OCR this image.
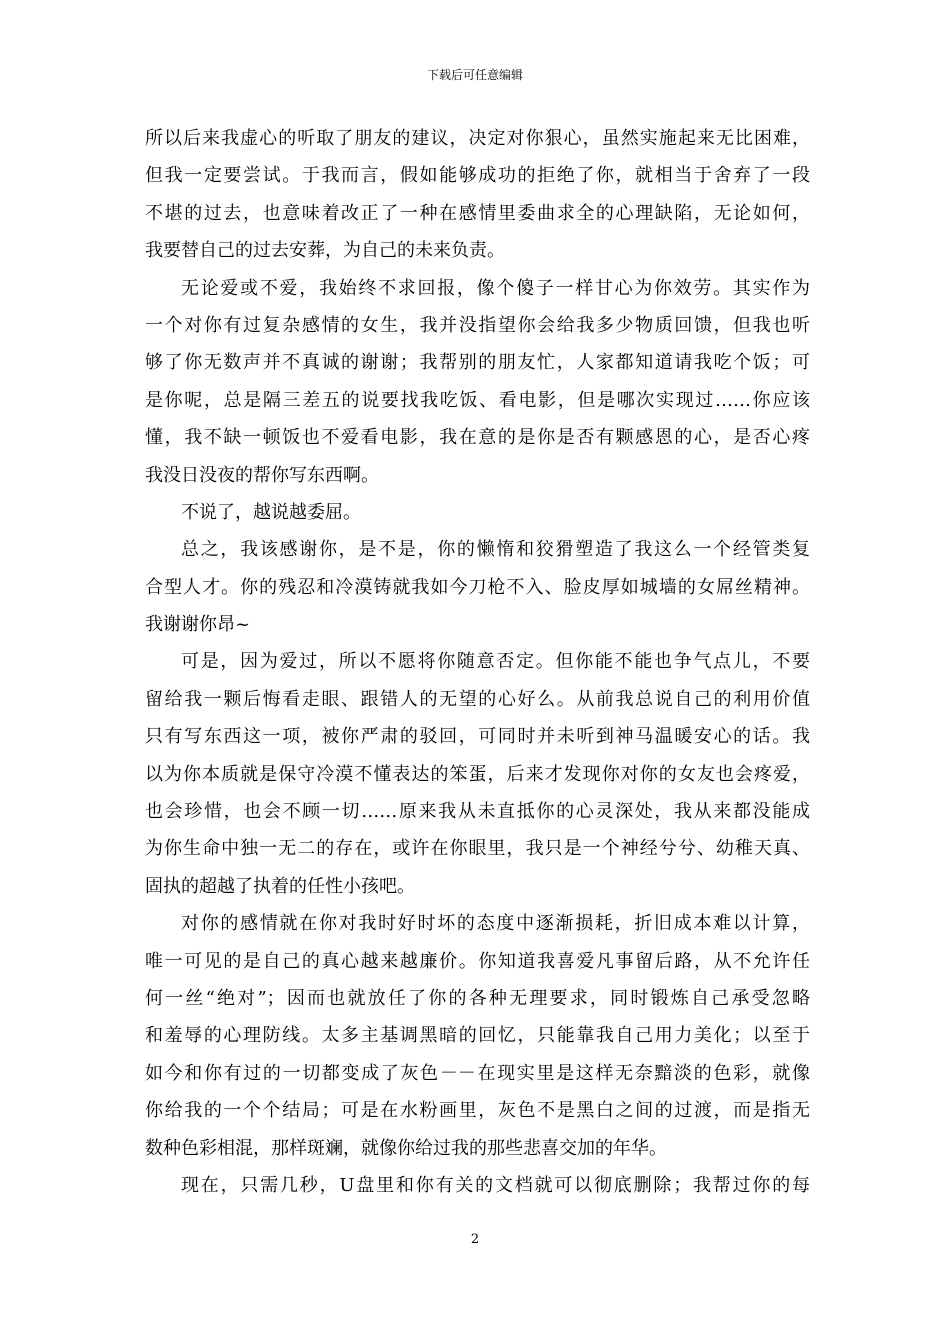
下载后可任意编辑
所以后来我虚心的听取了朋友的建议，决定对你狠心，虽然实施起来无比困难，
但我一定要尝试。于我而言，假如能够成功的拒绝了你，就相当于舍弃了一段
不堪的过去，也意味着改正了一种在感情里委曲求全的心理缺陷，无论如何，
我要替自己的过去安葬，为自己的未来负责。
无论爱或不爱，我始终不求回报，像个傻子一样甘心为你效劳。其实作为
一个对你有过复杂感情的女生，我并没指望你会给我多少物质回馈，但我也听
够了你无数声并不真诚的谢谢；我帮别的朋友忙，人家都知道请我吃个饭；可
是你呢，总是隔三差五的说要找我吃饭、看电影，但是哪次实现过……你应该
懂，我不缺一顿饭也不爱看电影，我在意的是你是否有颗感恩的心，是否心疼
我没日没夜的帮你写东西啊。
不说了，越说越委屈。
总之，我该感谢你，是不是，你的懒惰和狡猾塑造了我这么一个经管类复
合型人才。你的残忍和冷漠铸就我如今刀枪不入、脸皮厚如城墙的女屌丝精神。
我谢谢你昂~
可是，因为爱过，所以不愿将你随意否定。但你能不能也争气点儿，不要
留给我一颗后悔看走眼、跟错人的无望的心好么。从前我总说自己的利用价值
只有写东西这一项，被你严肃的驳回，可同时并未听到神马温暖安心的话。我
以为你本质就是保守冷漠不懂表达的笨蛋，后来才发现你对你的女友也会疼爱，
也会珍惜，也会不顾一切……原来我从未直抵你的心灵深处，我从来都没能成
为你生命中独一无二的存在，或许在你眼里，我只是一个神经兮兮、幼稚天真、
固执的超越了执着的任性小孩吧。
对你的感情就在你对我时好时坏的态度中逐渐损耗，折旧成本难以计算，
唯一可见的是自己的真心越来越廉价。你知道我喜爱凡事留后路，从不允许任
何一丝“绝对”；因而也就放任了你的各种无理要求，同时锻炼自己承受忽略
和羞辱的心理防线。太多主基调黑暗的回忆，只能靠我自己用力美化；以至于
如今和你有过的一切都变成了灰色－－在现实里是这样无奈黯淡的色彩，就像
你给我的一个个结局；可是在水粉画里，灰色不是黑白之间的过渡，而是指无
数种色彩相混，那样斑斓，就像你给过我的那些悲喜交加的年华。
现在，只需几秒，U盘里和你有关的文档就可以彻底删除；我帮过你的每
2
